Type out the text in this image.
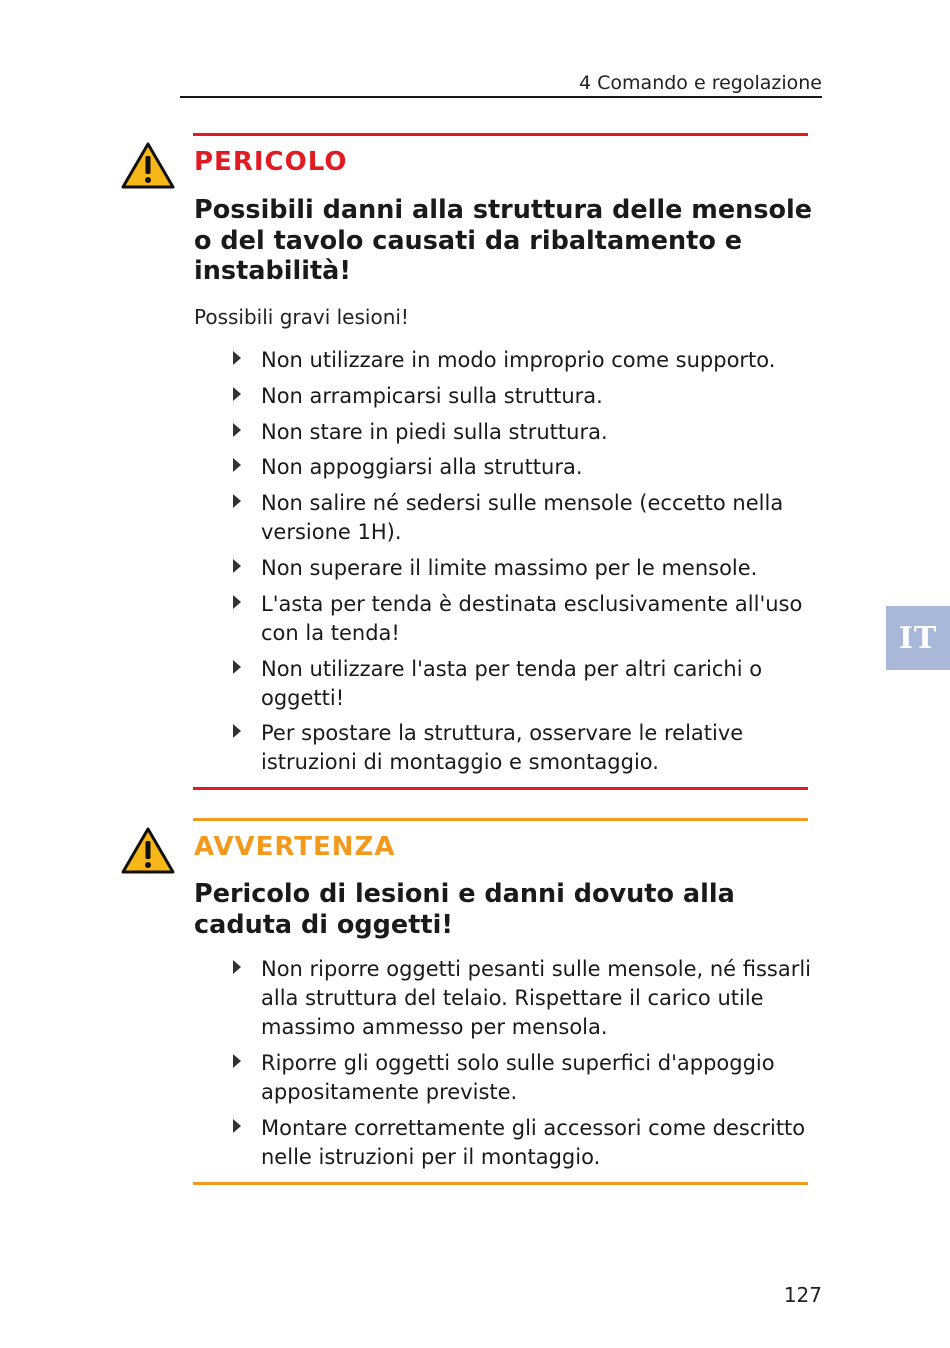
4 Comando e regolazione
PERICOLO
Possibili danni alla struttura delle mensole o del tavolo causati da ribaltamento e instabilità!
Possibili gravi lesioni!
Non utilizzare in modo improprio come supporto.
Non arrampicarsi sulla struttura.
Non stare in piedi sulla struttura.
Non appoggiarsi alla struttura.
Non salire né sedersi sulle mensole (eccetto nella versione 1H).
Non superare il limite massimo per le mensole.
L'asta per tenda è destinata esclusivamente all'uso con la tenda!
Non utilizzare l'asta per tenda per altri carichi o oggetti!
Per spostare la struttura, osservare le relative istruzioni di montaggio e smontaggio.
AVVERTENZA
Pericolo di lesioni e danni dovuto alla caduta di oggetti!
Non riporre oggetti pesanti sulle mensole, né fissarli alla struttura del telaio. Rispettare il carico utile massimo ammesso per mensola.
Riporre gli oggetti solo sulle superfici d'appoggio appositamente previste.
Montare correttamente gli accessori come descritto nelle istruzioni per il montaggio.
IT
127
